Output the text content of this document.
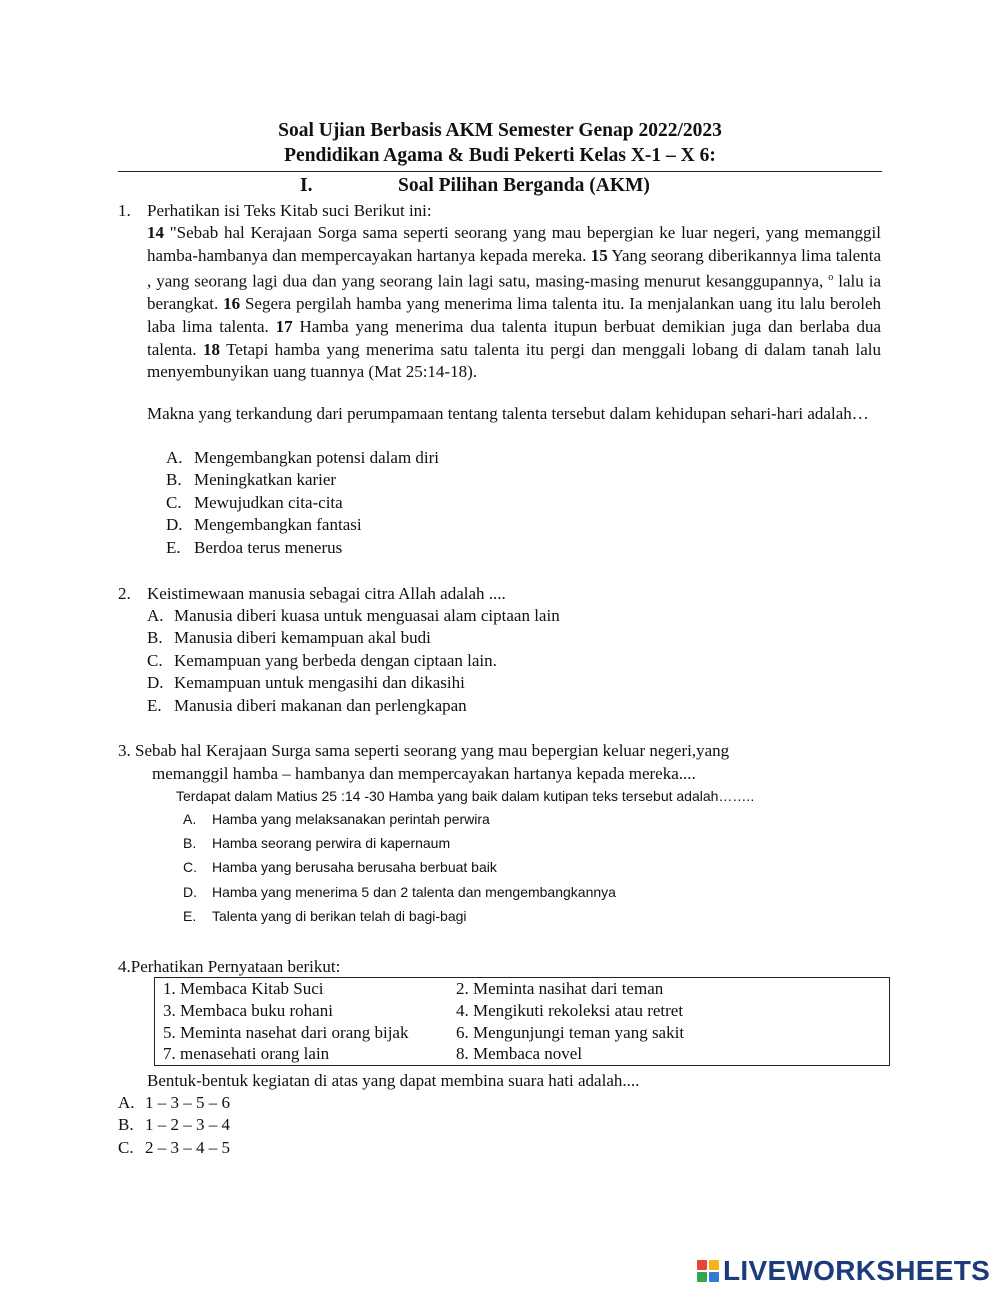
Soal Ujian Berbasis AKM Semester Genap 2022/2023
Pendidikan Agama & Budi Pekerti Kelas X-1 – X 6:
I.	Soal Pilihan Berganda (AKM)
1. Perhatikan isi Teks Kitab suci Berikut ini:
14 "Sebab hal Kerajaan Sorga sama seperti seorang yang mau bepergian ke luar negeri, yang memanggil hamba-hambanya dan mempercayakan hartanya kepada mereka. 15 Yang seorang diberikannya lima talenta , yang seorang lagi dua dan yang seorang lain lagi satu, masing-masing menurut kesanggupannya, $^o$ lalu ia berangkat. 16 Segera pergilah hamba yang menerima lima talenta itu. Ia menjalankan uang itu lalu beroleh laba lima talenta. 17 Hamba yang menerima dua talenta itupun berbuat demikian juga dan berlaba dua talenta. 18 Tetapi hamba yang menerima satu talenta itu pergi dan menggali lobang di dalam tanah lalu menyembunyikan uang tuannya (Mat 25:14-18).
Makna yang terkandung dari perumpamaan tentang talenta tersebut dalam kehidupan sehari-hari adalah…
A. Mengembangkan potensi dalam diri
B. Meningkatkan karier
C. Mewujudkan cita-cita
D. Mengembangkan fantasi
E. Berdoa terus menerus
2. Keistimewaan manusia sebagai citra Allah adalah ....
A. Manusia diberi kuasa untuk menguasai alam ciptaan lain
B. Manusia diberi kemampuan akal budi
C. Kemampuan yang berbeda dengan ciptaan lain.
D. Kemampuan untuk mengasihi dan dikasihi
E. Manusia diberi makanan dan perlengkapan
3. Sebab hal Kerajaan Surga sama seperti seorang yang mau bepergian keluar negeri,yang
memanggil hamba – hambanya dan mempercayakan hartanya kepada mereka....
Terdapat dalam Matius 25 :14 -30 Hamba yang baik dalam kutipan teks tersebut adalah……..
A. Hamba yang melaksanakan perintah perwira
B. Hamba seorang perwira di kapernaum
C. Hamba yang berusaha berusaha berbuat baik
D. Hamba yang menerima 5 dan 2 talenta dan mengembangkannya
E. Talenta yang di berikan telah di bagi-bagi
4.Perhatikan Pernyataan berikut:
1. Membaca Kitab Suci	2. Meminta nasihat dari teman
3. Membaca buku rohani	4. Mengikuti rekoleksi atau retret
5. Meminta nasehat dari orang bijak	6. Mengunjungi teman yang sakit
7. menasehati orang lain	8. Membaca novel
Bentuk-bentuk kegiatan di atas yang dapat membina suara hati adalah....
A. 1 – 3 – 5 – 6
B. 1 – 2 – 3 – 4
C. 2 – 3 – 4 – 5
LIVEWORKSHEETS
